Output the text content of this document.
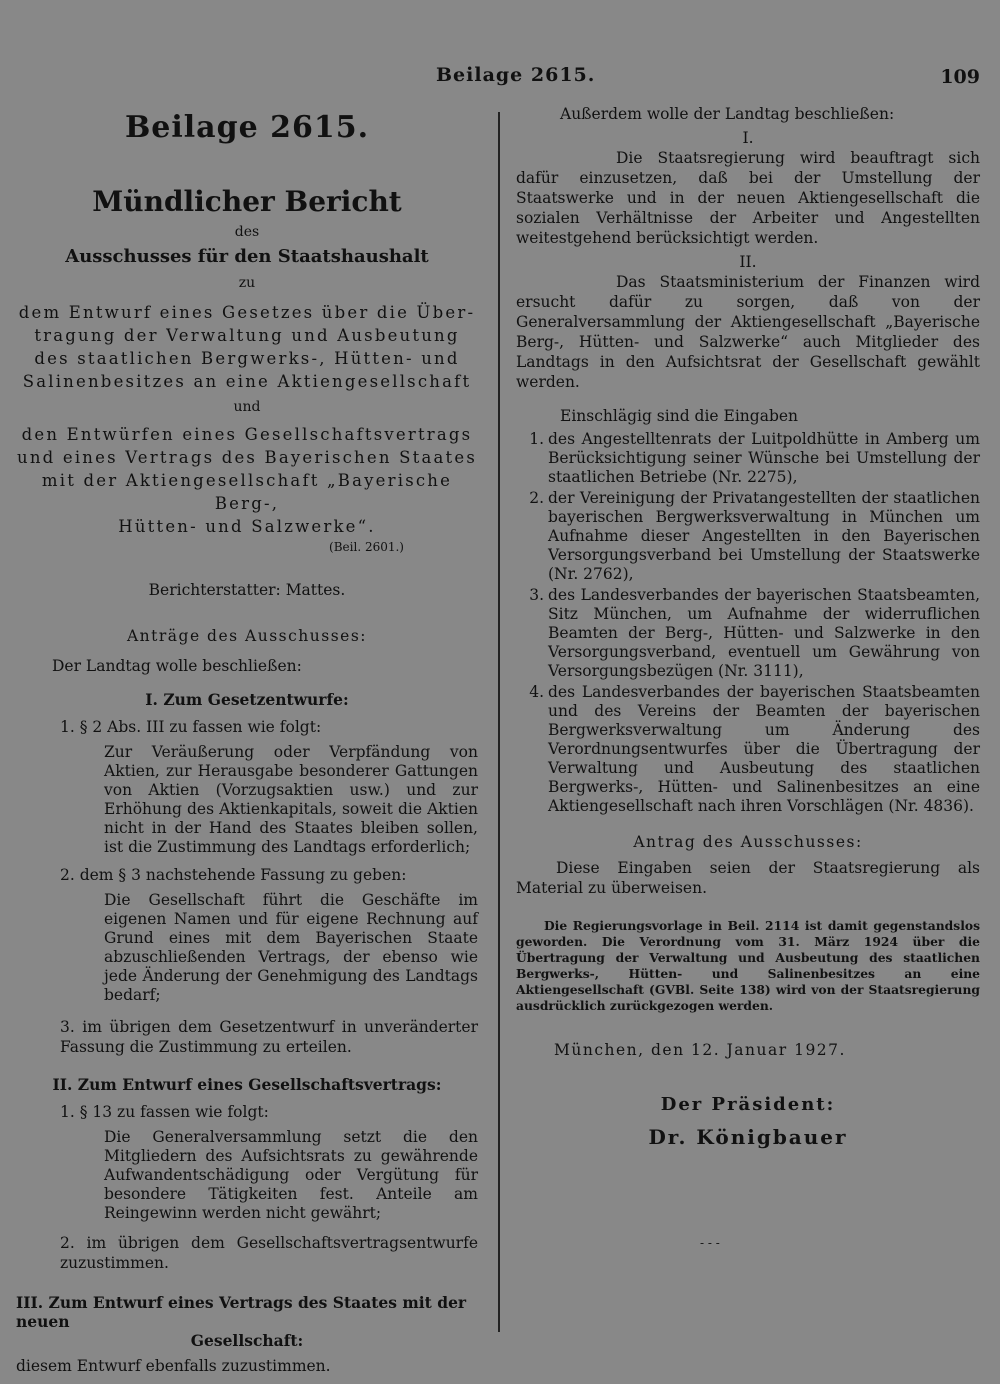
Beilage 2615.	109
Beilage 2615.
Mündlicher Bericht
des
Ausschusses für den Staatshaushalt
zu

dem Entwurf eines Gesetzes über die Über-

tragung der Verwaltung und Ausbeutung

des staatlichen Bergwerks-, Hütten- und

Salinenbesitzes an eine Aktiengesellschaft

und

den Entwürfen eines Gesellschaftsvertrags

und eines Vertrags des Bayerischen Staates

mit der Aktiengesellschaft „Bayerische Berg-,

Hütten- und Salzwerke“.

(Beil. 2601.)
Berichterstatter: Mattes.
Anträge des Ausschusses:
Der Landtag wolle beschließen:
I. Zum Gesetzentwurfe:
1. § 2 Abs. III zu fassen wie folgt:

Zur Veräußerung oder Verpfändung von Aktien, zur Herausgabe besonderer Gattungen von Aktien (Vorzugsaktien usw.) und zur Erhöhung des Aktienkapitals, soweit die Aktien nicht in der Hand des Staates bleiben sollen, ist die Zustimmung des Landtags erforderlich;

2. dem § 3 nachstehende Fassung zu geben:

Die Gesellschaft führt die Geschäfte im eigenen Namen und für eigene Rechnung auf Grund eines mit dem Bayerischen Staate abzuschließenden Vertrags, der ebenso wie jede Änderung der Genehmigung des Landtags bedarf;

3. im übrigen dem Gesetzentwurf in unveränderter Fassung die Zustimmung zu erteilen.

II. Zum Entwurf eines Gesellschaftsvertrags:
1. § 13 zu fassen wie folgt:

Die Generalversammlung setzt die den Mitgliedern des Aufsichtsrats zu gewährende Aufwandentschädigung oder Vergütung für besondere Tätigkeiten fest. Anteile am Reingewinn werden nicht gewährt;

2. im übrigen dem Gesellschaftsvertragsentwurfe zuzustimmen.

III. Zum Entwurf eines Vertrags des Staates mit der neuen
Gesellschaft:
diesem Entwurf ebenfalls zuzustimmen.
Außerdem wolle der Landtag beschließen:
I.

Die Staatsregierung wird beauftragt sich dafür einzusetzen, daß bei der Umstellung der Staatswerke und in der neuen Aktiengesellschaft die sozialen Verhältnisse der Arbeiter und Angestellten weitestgehend berücksichtigt werden.

II.

Das Staatsministerium der Finanzen wird ersucht dafür zu sorgen, daß von der Generalversammlung der Aktiengesellschaft „Bayerische Berg-, Hütten- und Salzwerke“ auch Mitglieder des Landtags in den Aufsichtsrat der Gesellschaft gewählt werden.

Einschlägig sind die Eingaben
1. des Angestelltenrats der Luitpoldhütte in Amberg um Berücksichtigung seiner Wünsche bei Umstellung der staatlichen Betriebe (Nr. 2275),
2. der Vereinigung der Privatangestellten der staatlichen bayerischen Bergwerksverwaltung in München um Aufnahme dieser Angestellten in den Bayerischen Versorgungsverband bei Umstellung der Staatswerke (Nr. 2762),
3. des Landesverbandes der bayerischen Staatsbeamten, Sitz München, um Aufnahme der widerruflichen Beamten der Berg-, Hütten- und Salzwerke in den Versorgungsverband, eventuell um Gewährung von Versorgungsbezügen (Nr. 3111),
4. des Landesverbandes der bayerischen Staatsbeamten und des Vereins der Beamten der bayerischen Bergwerksverwaltung um Änderung des Verordnungsentwurfes über die Übertragung der Verwaltung und Ausbeutung des staatlichen Bergwerks-, Hütten- und Salinenbesitzes an eine Aktiengesellschaft nach ihren Vorschlägen (Nr. 4836).
Antrag des Ausschusses:

Diese Eingaben seien der Staatsregierung als Material zu überweisen.

Die Regierungsvorlage in Beil. 2114 ist damit gegenstandslos geworden. Die Verordnung vom 31. März 1924 über die Übertragung der Verwaltung und Ausbeutung des staatlichen Bergwerks-, Hütten- und Salinenbesitzes an eine Aktiengesellschaft (GVBl. Seite 138) wird von der Staatsregierung ausdrücklich zurückgezogen werden.

München, den 12. Januar 1927.
Der Präsident:
Dr. Königbauer
- - -
